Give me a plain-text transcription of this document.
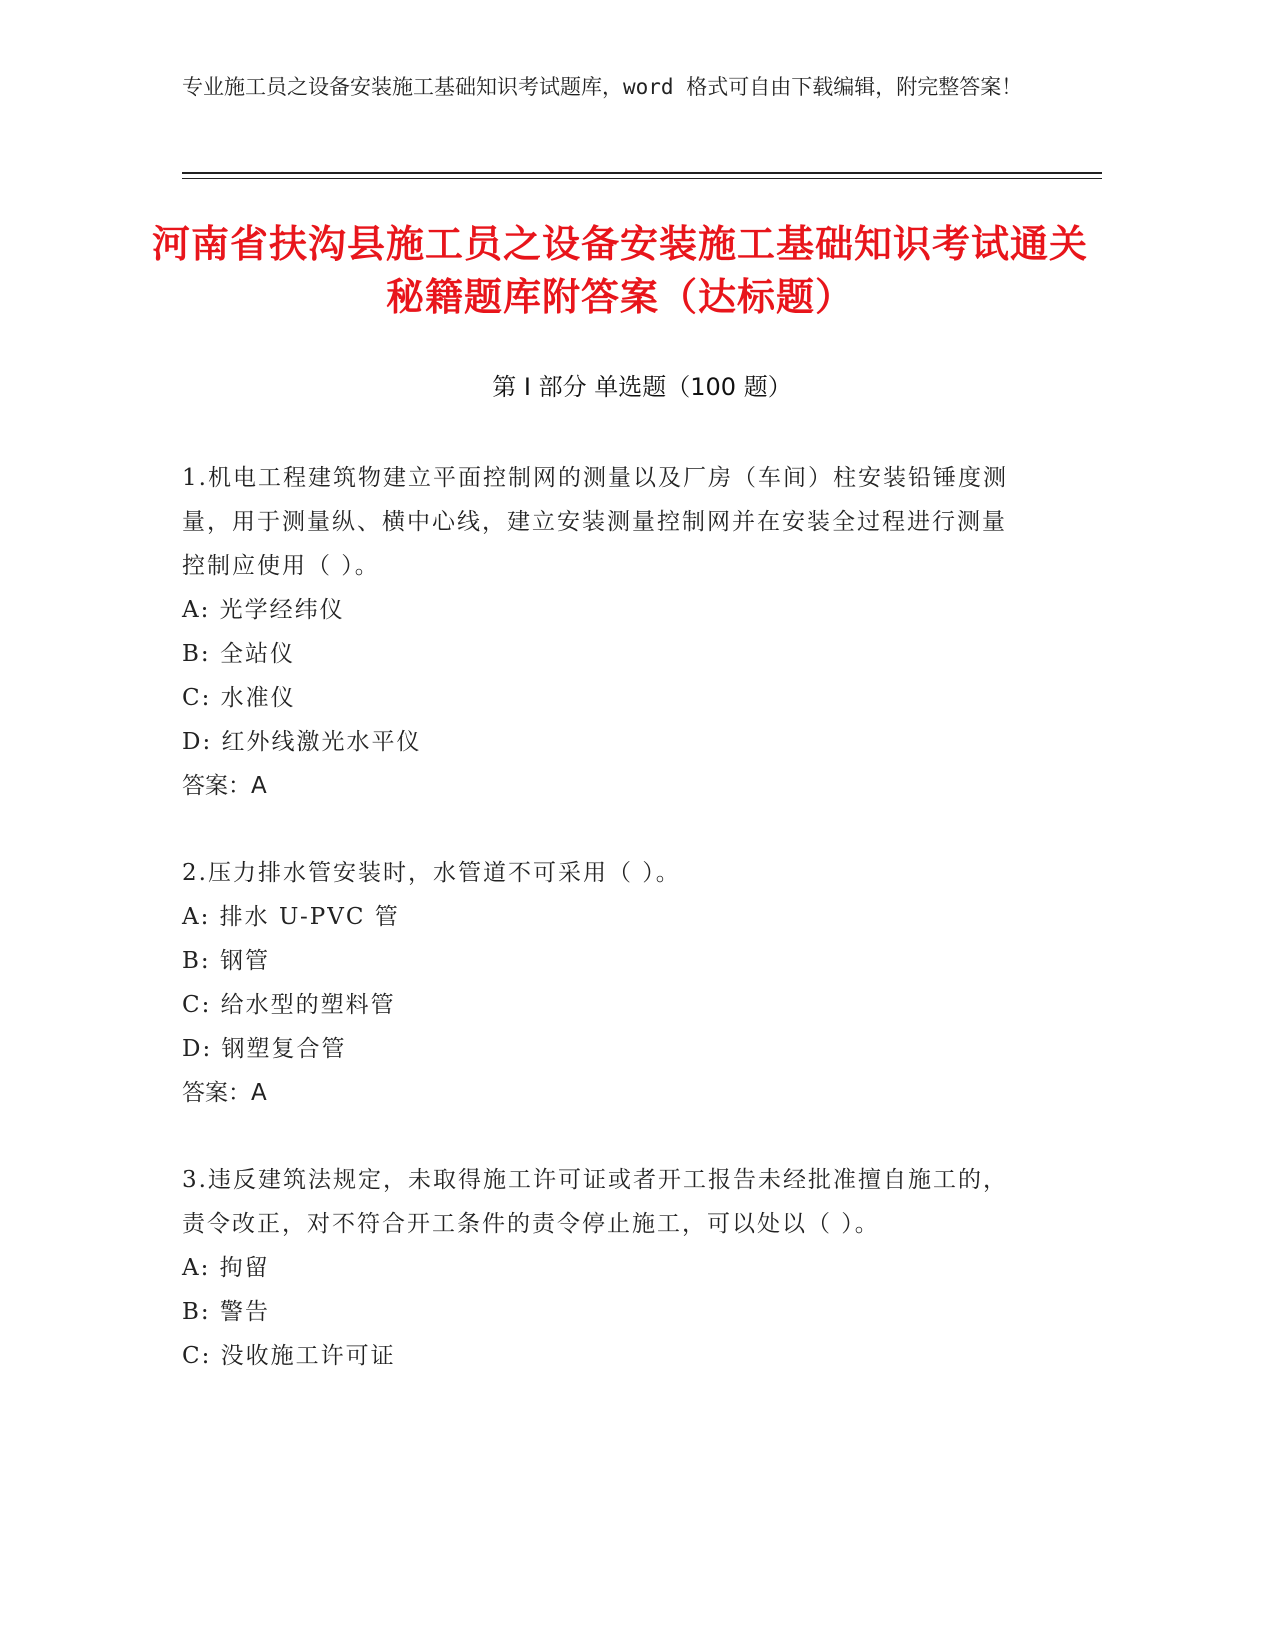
专业施工员之设备安装施工基础知识考试题库，word 格式可自由下载编辑，附完整答案！
河南省扶沟县施工员之设备安装施工基础知识考试通关秘籍题库附答案（达标题）
第 I 部分 单选题（100 题）
1.机电工程建筑物建立平面控制网的测量以及厂房（车间）柱安装铅锤度测量，用于测量纵、横中心线，建立安装测量控制网并在安装全过程进行测量控制应使用（ ）。
A: 光学经纬仪
B: 全站仪
C: 水准仪
D: 红外线激光水平仪
答案：A
2.压力排水管安装时，水管道不可采用（ ）。
A: 排水 U-PVC 管
B: 钢管
C: 给水型的塑料管
D: 钢塑复合管
答案：A
3.违反建筑法规定，未取得施工许可证或者开工报告未经批准擅自施工的，责令改正，对不符合开工条件的责令停止施工，可以处以（ ）。
A: 拘留
B: 警告
C: 没收施工许可证
